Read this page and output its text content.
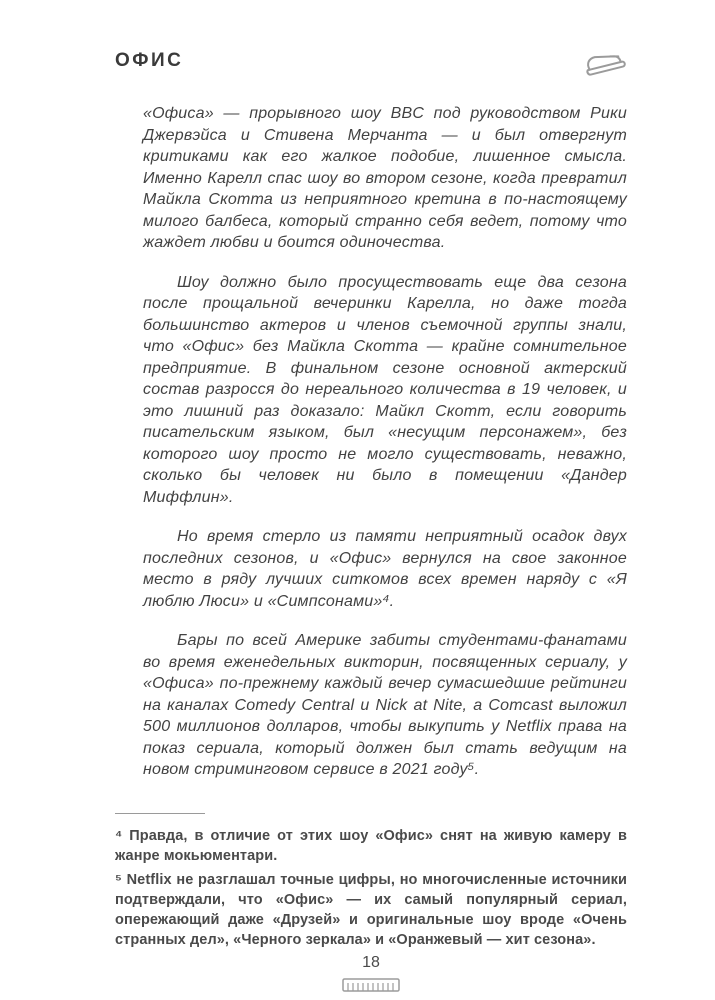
ОФИС

«Офиса» — прорывного шоу BBC под руководством Рики Джервэйса и Стивена Мерчанта — и был отвергнут критиками как его жалкое подобие, лишенное смысла. Именно Карелл спас шоу во втором сезоне, когда превратил Майкла Скотта из неприятного кретина в по-настоящему милого балбеса, который странно себя ведет, потому что жаждет любви и боится одиночества.

Шоу должно было просуществовать еще два сезона после прощальной вечеринки Карелла, но даже тогда большинство актеров и членов съемочной группы знали, что «Офис» без Майкла Скотта — крайне сомнительное предприятие. В финальном сезоне основной актерский состав разросся до нереального количества в 19 человек, и это лишний раз доказало: Майкл Скотт, если говорить писательским языком, был «несущим персонажем», без которого шоу просто не могло существовать, неважно, сколько бы человек ни было в помещении «Дандер Миффлин».

Но время стерло из памяти неприятный осадок двух последних сезонов, и «Офис» вернулся на свое законное место в ряду лучших ситкомов всех времен наряду с «Я люблю Люси» и «Симпсонами»⁴.

Бары по всей Америке забиты студентами-фанатами во время еженедельных викторин, посвященных сериалу, у «Офиса» по-прежнему каждый вечер сумасшедшие рейтинги на каналах Comedy Central и Nick at Nite, а Comcast выложил 500 миллионов долларов, чтобы выкупить у Netflix права на показ сериала, который должен был стать ведущим на новом стриминговом сервисе в 2021 году⁵.

⁴ Правда, в отличие от этих шоу «Офис» снят на живую камеру в жанре мокьюментари.

⁵ Netflix не разглашал точные цифры, но многочисленные источники подтверждали, что «Офис» — их самый популярный сериал, опережающий даже «Друзей» и оригинальные шоу вроде «Очень странных дел», «Черного зеркала» и «Оранжевый — хит сезона».

18
